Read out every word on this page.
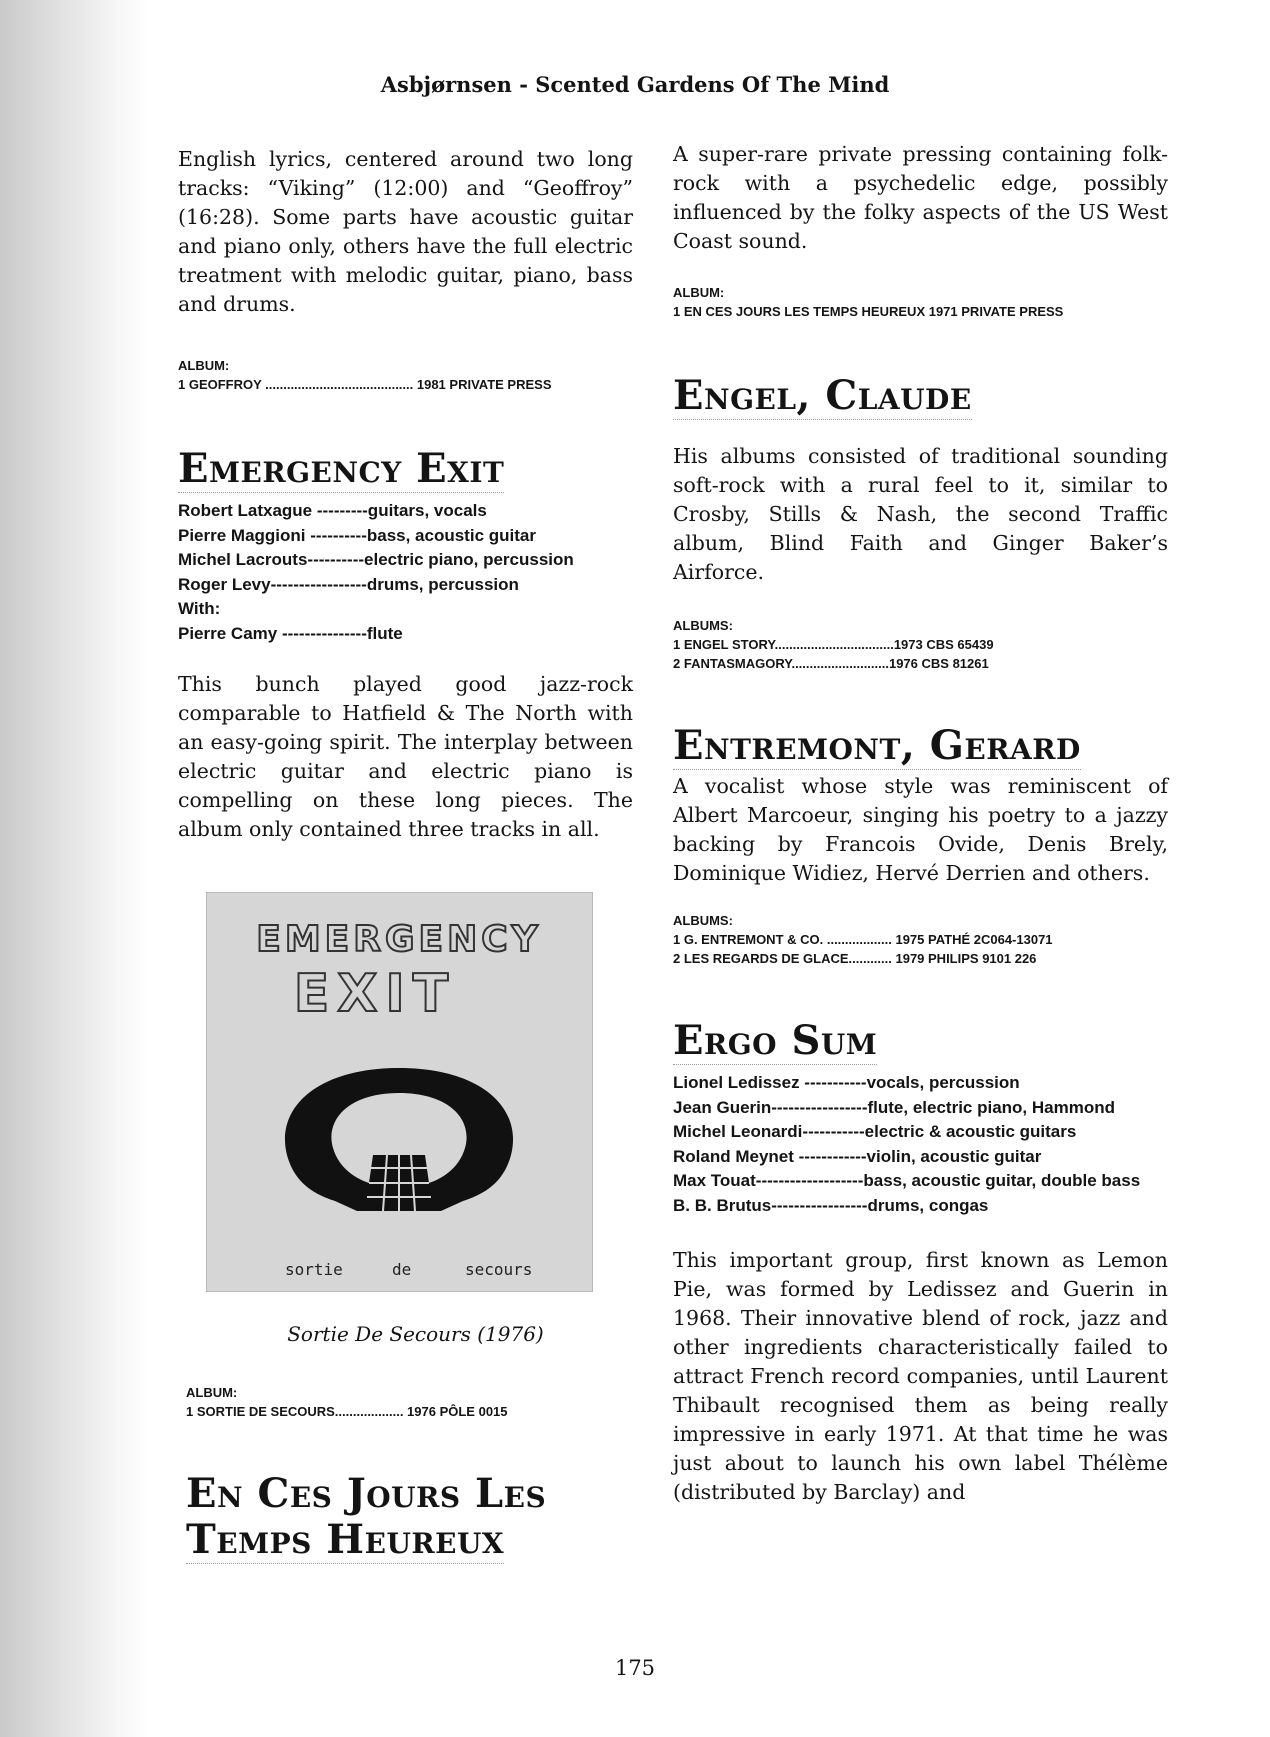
Asbjørnsen - Scented Gardens Of The Mind

English lyrics, centered around two long tracks: “Viking” (12:00) and “Geoffroy” (16:28). Some parts have acoustic guitar and piano only, others have the full electric treatment with melodic guitar, piano, bass and drums.

ALBUM:
1 GEOFFROY ......................................... 1981 PRIVATE PRESS
Emergency Exit
Robert Latxague ---------guitars, vocals
Pierre Maggioni ----------bass, acoustic guitar
Michel Lacrouts----------electric piano, percussion
Roger Levy-----------------drums, percussion
With:
Pierre Camy ---------------flute

This bunch played good jazz-rock comparable to Hatfield & The North with an easy-going spirit. The interplay between electric guitar and electric piano is compelling on these long pieces. The album only contained three tracks in all.

EMERGENCY
EXIT
sortie	de	secours
Sortie De Secours (1976)
ALBUM:
1 SORTIE DE SECOURS................... 1976 PÔLE 0015
En Ces Jours Les
Temps Heureux

A super-rare private pressing containing folk-rock with a psychedelic edge, possibly influenced by the folky aspects of the US West Coast sound.

ALBUM:
1 EN CES JOURS LES TEMPS HEUREUX 1971 PRIVATE PRESS
Engel, Claude

His albums consisted of traditional sounding soft-rock with a rural feel to it, similar to Crosby, Stills & Nash, the second Traffic album, Blind Faith and Ginger Baker’s Airforce.

ALBUMS:
1 ENGEL STORY.................................1973 CBS 65439
2 FANTASMAGORY...........................1976 CBS 81261
Entremont, Gerard

A vocalist whose style was reminiscent of Albert Marcoeur, singing his poetry to a jazzy backing by Francois Ovide, Denis Brely, Dominique Widiez, Hervé Derrien and others.

ALBUMS:
1 G. ENTREMONT & CO. .................. 1975 PATHÉ 2C064-13071
2 LES REGARDS DE GLACE............ 1979 PHILIPS 9101 226
Ergo Sum
Lionel Ledissez -----------vocals, percussion
Jean Guerin-----------------flute, electric piano, Hammond
Michel Leonardi-----------electric & acoustic guitars
Roland Meynet ------------violin, acoustic guitar
Max Touat-------------------bass, acoustic guitar, double bass
B. B. Brutus-----------------drums, congas

This important group, first known as Lemon Pie, was formed by Ledissez and Guerin in 1968. Their innovative blend of rock, jazz and other ingredients characteristically failed to attract French record companies, until Laurent Thibault recognised them as being really impressive in early 1971. At that time he was just about to launch his own label Thélème (distributed by Barclay) and

175
